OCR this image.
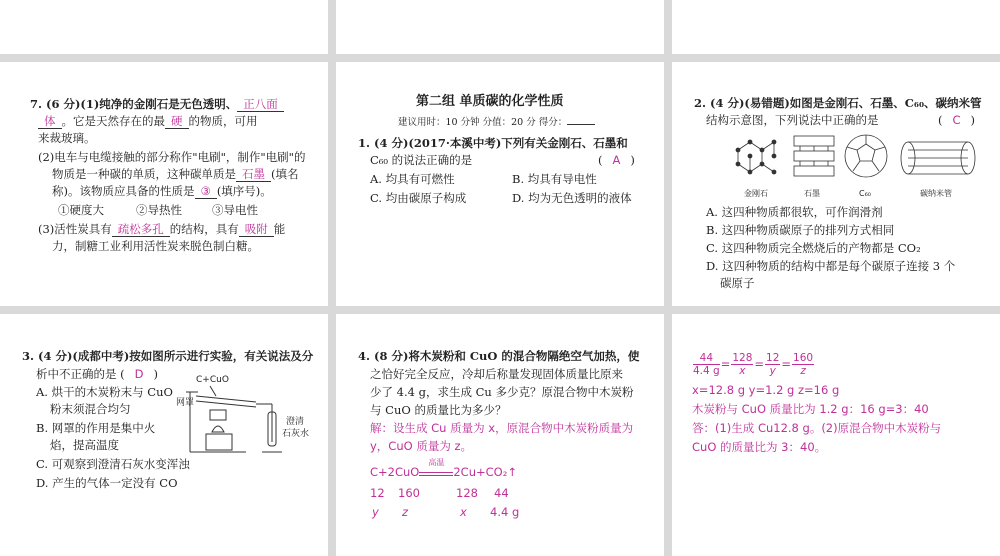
7. (6 分)(1)纯净的金刚石是无色透明、 正八面
体 。它是天然存在的最 硬 的物质，可用
来裁玻璃。
(2)电车与电缆接触的部分称作"电刷"，制作"电刷"的
物质是一种碳的单质，这种碳单质是 石墨 (填名
称)。该物质应具备的性质是 ③ (填序号)。
①硬度大	②导热性	③导电性
(3)活性炭具有 疏松多孔 的结构，具有 吸附 能
力，制糖工业利用活性炭来脱色制白糖。
第二组 单质碳的化学性质
建议用时：10 分钟 分值：20 分 得分：
1. (4 分)(2017·本溪中考)下列有关金刚石、石墨和
C₆₀ 的说法正确的是	( A )
A. 均具有可燃性	B. 均具有导电性
C. 均由碳原子构成	D. 均为无色透明的液体
2. (4 分)(易错题)如图是金刚石、石墨、C₆₀、碳纳米管
结构示意图，下列说法中正确的是	( C )
金刚石	石墨	C₆₀	碳纳米管
A. 这四种物质都很软，可作润滑剂
B. 这四种物质碳原子的排列方式相同
C. 这四种物质完全燃烧后的产物都是 CO₂
D. 这四种物质的结构中都是每个碳原子连接 3 个
碳原子
3. (4 分)(成都中考)按如图所示进行实验，有关说法及分
析中不正确的是 ( D )
A. 烘干的木炭粉末与 CuO
粉末须混合均匀
B. 网罩的作用是集中火
焰，提高温度
C. 可观察到澄清石灰水变浑浊
D. 产生的气体一定没有 CO
C+CuO
网罩
澄清
石灰水
4. (8 分)将木炭粉和 CuO 的混合物隔绝空气加热，使
之恰好完全反应，冷却后称量发现固体质量比原来
少了 4.4 g，求生成 Cu 多少克？原混合物中木炭粉
与 CuO 的质量比为多少？
解：设生成 Cu 质量为 x，原混合物中木炭粉质量为
y，CuO 质量为 z。
C+2CuO
高温
2Cu+CO₂↑
12 160	128 44
y z	x 4.4 g
$\frac{44}{4.4 g} = \frac{128}{x} = \frac{12}{y} = \frac{160}{z}$
x=12.8 g y=1.2 g z=16 g
木炭粉与 CuO 质量比为 1.2 g：16 g=3：40
答：(1)生成 Cu12.8 g。(2)原混合物中木炭粉与
CuO 的质量比为 3：40。
